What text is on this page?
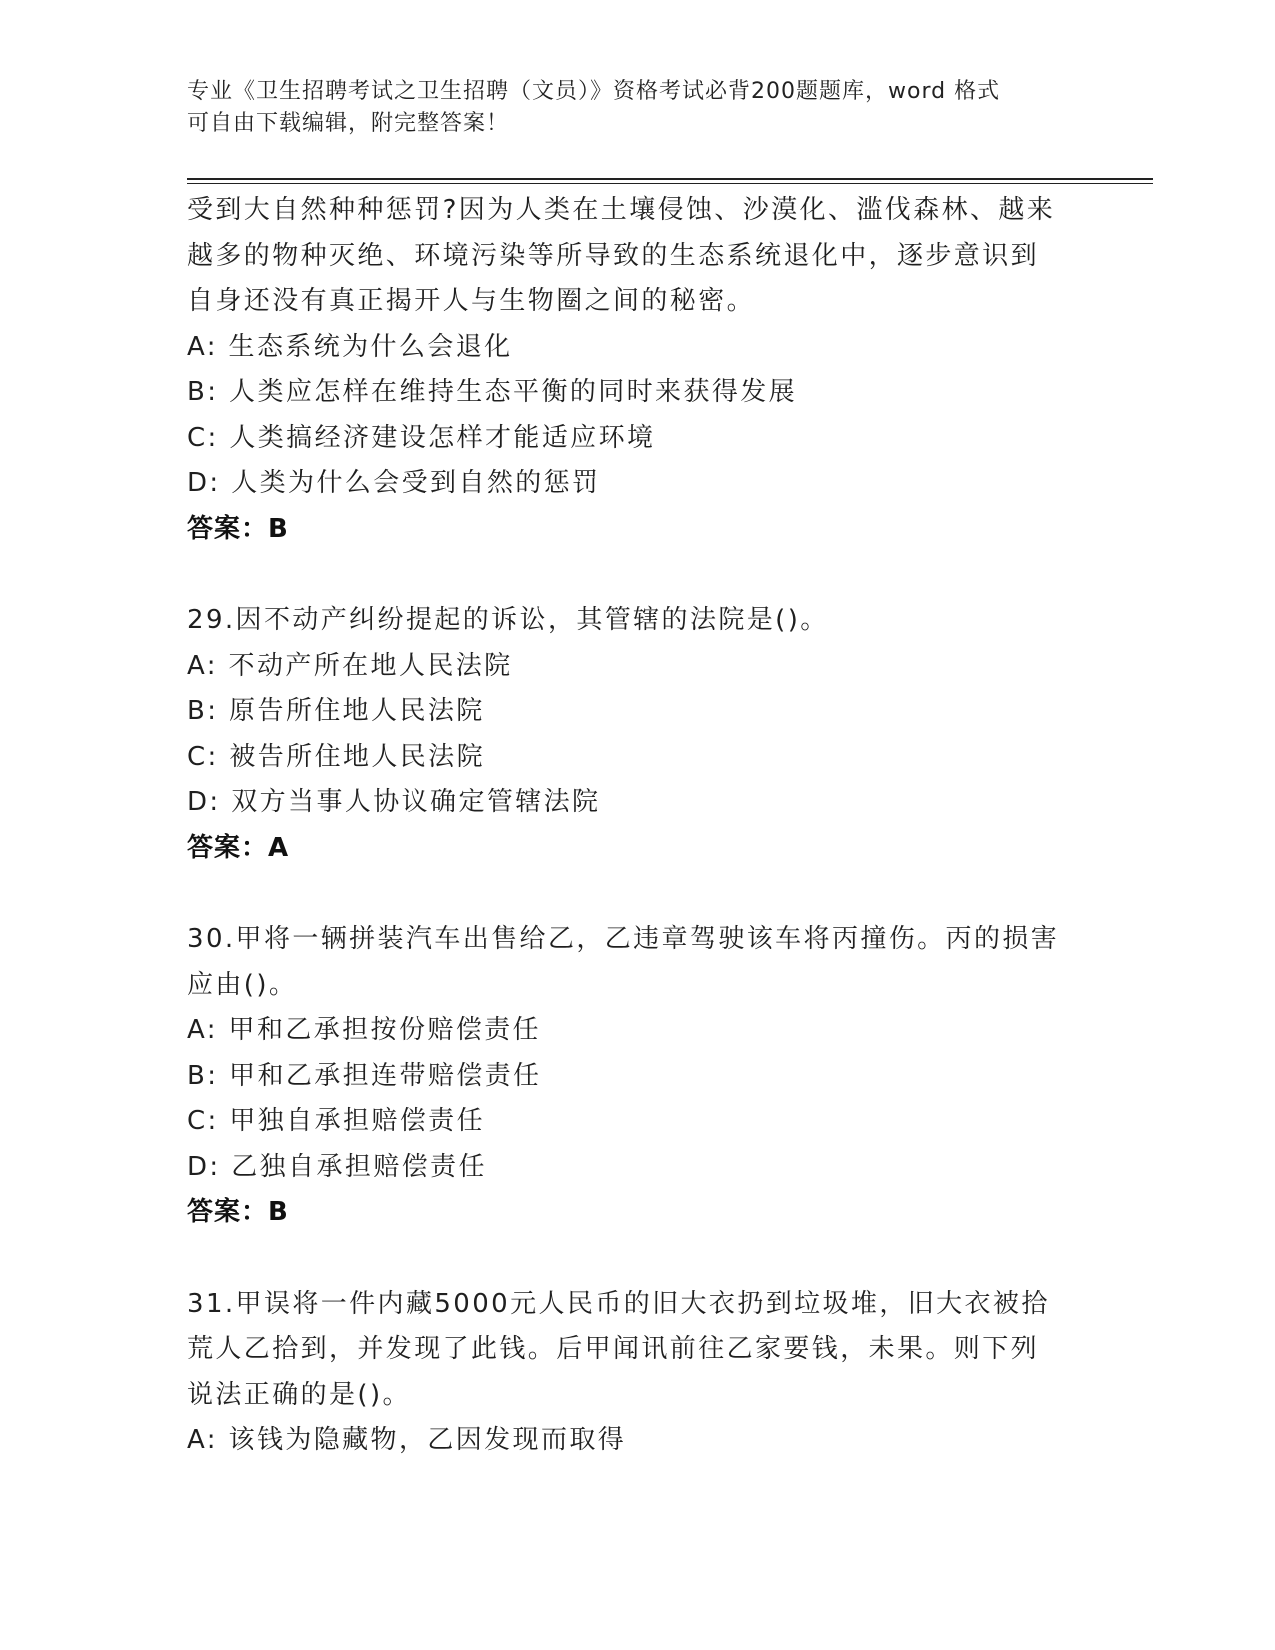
专业《卫生招聘考试之卫生招聘（文员）》资格考试必背200题题库，word 格式
可自由下载编辑，附完整答案！
受到大自然种种惩罚?因为人类在土壤侵蚀、沙漠化、滥伐森林、越来
越多的物种灭绝、环境污染等所导致的生态系统退化中，逐步意识到
自身还没有真正揭开人与生物圈之间的秘密。
A: 生态系统为什么会退化
B: 人类应怎样在维持生态平衡的同时来获得发展
C: 人类搞经济建设怎样才能适应环境
D: 人类为什么会受到自然的惩罚
答案：B
29.因不动产纠纷提起的诉讼，其管辖的法院是()。
A: 不动产所在地人民法院
B: 原告所住地人民法院
C: 被告所住地人民法院
D: 双方当事人协议确定管辖法院
答案：A
30.甲将一辆拼装汽车出售给乙，乙违章驾驶该车将丙撞伤。丙的损害
应由()。
A: 甲和乙承担按份赔偿责任
B: 甲和乙承担连带赔偿责任
C: 甲独自承担赔偿责任
D: 乙独自承担赔偿责任
答案：B
31.甲误将一件内藏5000元人民币的旧大衣扔到垃圾堆，旧大衣被拾
荒人乙拾到，并发现了此钱。后甲闻讯前往乙家要钱，未果。则下列
说法正确的是()。
A: 该钱为隐藏物，乙因发现而取得
